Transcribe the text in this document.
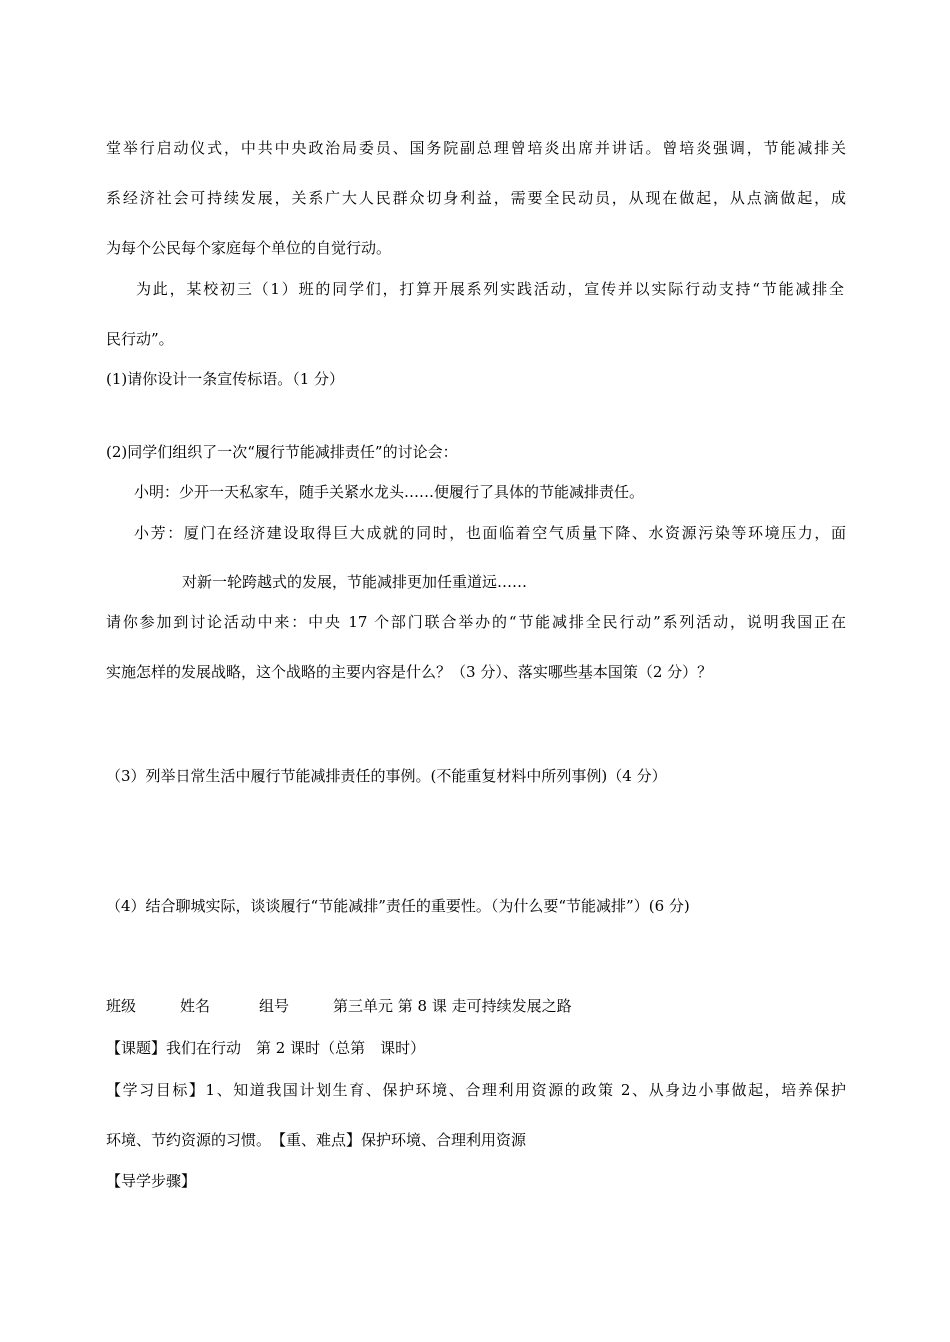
堂举行启动仪式，中共中央政治局委员、国务院副总理曾培炎出席并讲话。曾培炎强调，节能减排关
系经济社会可持续发展，关系广大人民群众切身利益，需要全民动员，从现在做起，从点滴做起，成
为每个公民每个家庭每个单位的自觉行动。
为此，某校初三（1）班的同学们，打算开展系列实践活动，宣传并以实际行动支持“节能减排全
民行动”。
(1)请你设计一条宣传标语。（1 分）
(2)同学们组织了一次“履行节能减排责任”的讨论会：
小明：少开一天私家车，随手关紧水龙头……便履行了具体的节能减排责任。
小芳：厦门在经济建设取得巨大成就的同时，也面临着空气质量下降、水资源污染等环境压力，面
对新一轮跨越式的发展，节能减排更加任重道远……
请你参加到讨论活动中来：中央 17 个部门联合举办的“节能减排全民行动”系列活动，说明我国正在
实施怎样的发展战略，这个战略的主要内容是什么？（3 分）、落实哪些基本国策（2 分）？
（3）列举日常生活中履行节能减排责任的事例。(不能重复材料中所列事例)（4 分）
（4）结合聊城实际，谈谈履行“节能减排”责任的重要性。（为什么要“节能减排”）(6 分)
班级	姓名	组号	第三单元 第 8 课 走可持续发展之路
【课题】我们在行动　第 2 课时（总第　课时）
【学习目标】1、知道我国计划生育、保护环境、合理利用资源的政策 2、从身边小事做起，培养保护
环境、节约资源的习惯。　【重、难点】保护环境、合理利用资源
【导学步骤】
